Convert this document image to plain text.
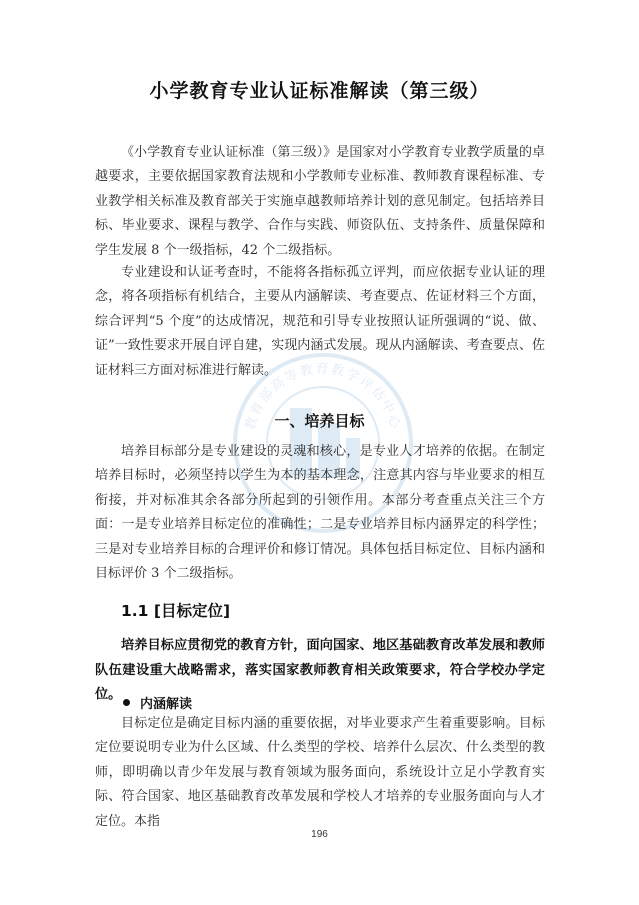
教育部高等教育教学评估中心
小学教育专业认证标准解读（第三级）

《小学教育专业认证标准（第三级）》是国家对小学教育专业教学质量的卓越要求，主要依据国家教育法规和小学教师专业标准、教师教育课程标准、专业教学相关标准及教育部关于实施卓越教师培养计划的意见制定。包括培养目标、毕业要求、课程与教学、合作与实践、师资队伍、支持条件、质量保障和学生发展 8 个一级指标，42 个二级指标。

专业建设和认证考查时，不能将各指标孤立评判，而应依据专业认证的理念，将各项指标有机结合，主要从内涵解读、考查要点、佐证材料三个方面，综合评判“5 个度”的达成情况，规范和引导专业按照认证所强调的“说、做、证”一致性要求开展自评自建，实现内涵式发展。现从内涵解读、考查要点、佐证材料三方面对标准进行解读。

一、培养目标

培养目标部分是专业建设的灵魂和核心，是专业人才培养的依据。在制定培养目标时，必须坚持以学生为本的基本理念，注意其内容与毕业要求的相互衔接，并对标准其余各部分所起到的引领作用。本部分考查重点关注三个方面：一是专业培养目标定位的准确性；二是专业培养目标内涵界定的科学性；三是对专业培养目标的合理评价和修订情况。具体包括目标定位、目标内涵和目标评价 3 个二级指标。

1.1 [目标定位]

培养目标应贯彻党的教育方针，面向国家、地区基础教育改革发展和教师队伍建设重大战略需求，落实国家教师教育相关政策要求，符合学校办学定位。

内涵解读

目标定位是确定目标内涵的重要依据，对毕业要求产生着重要影响。目标定位要说明专业为什么区域、什么类型的学校、培养什么层次、什么类型的教师，即明确以青少年发展与教育领域为服务面向，系统设计立足小学教育实际、符合国家、地区基础教育改革发展和学校人才培养的专业服务面向与人才定位。本指

196
